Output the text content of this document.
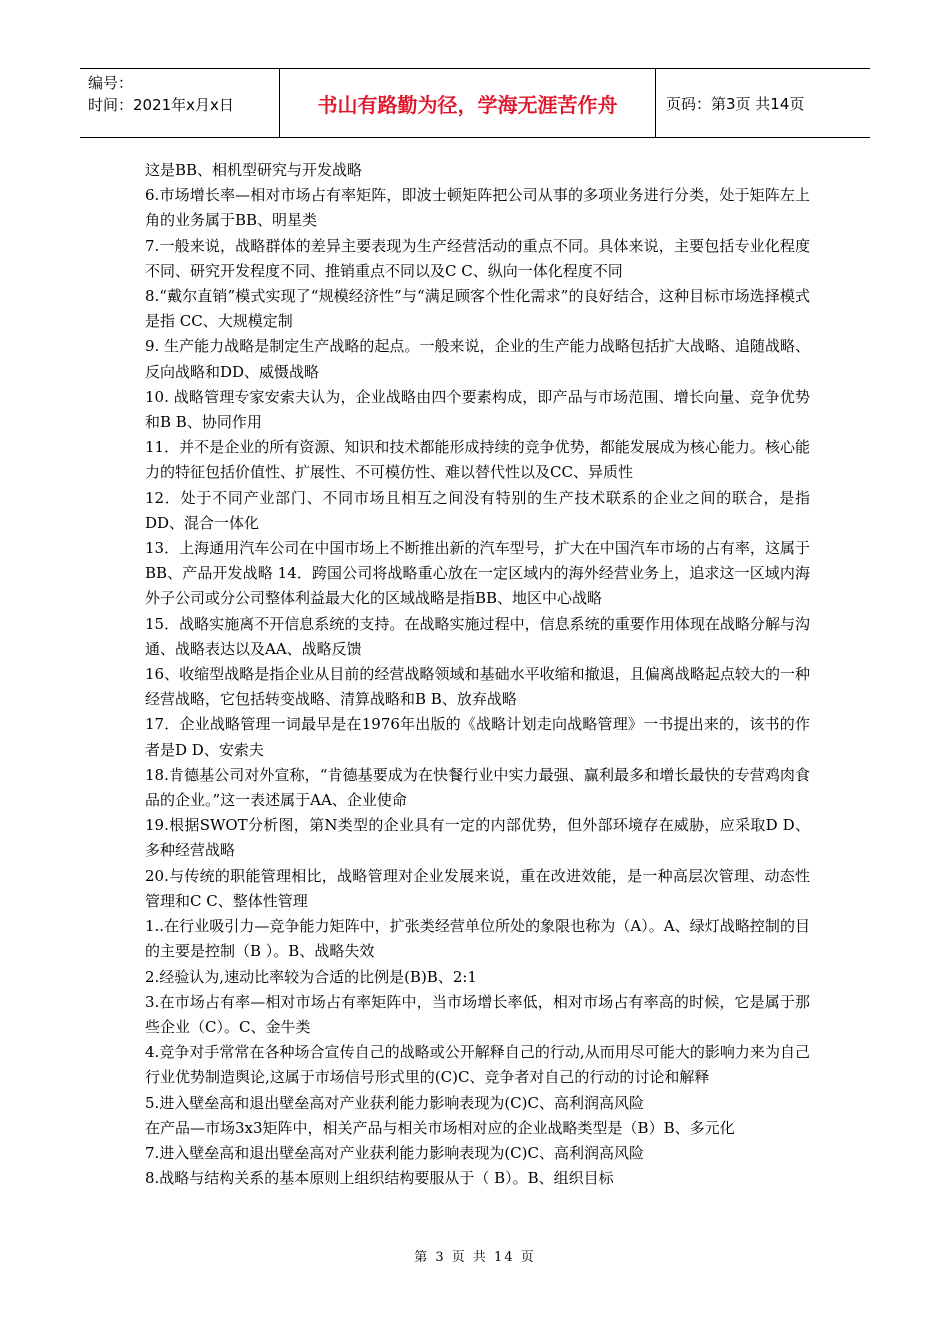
编号：
时间：2021年x月x日	书山有路勤为径，学海无涯苦作舟	页码：第3页 共14页

这是BB、相机型研究与开发战略

6.市场增长率—相对市场占有率矩阵，即波士顿矩阵把公司从事的多项业务进行分类，处于矩阵左上角的业务属于BB、明星类

7.一般来说，战略群体的差异主要表现为生产经营活动的重点不同。具体来说，主要包括专业化程度不同、研究开发程度不同、推销重点不同以及C C、纵向一体化程度不同

8.“戴尔直销”模式实现了“规模经济性”与“满足顾客个性化需求”的良好结合，这种目标市场选择模式是指 CC、大规模定制

9. 生产能力战略是制定生产战略的起点。一般来说，企业的生产能力战略包括扩大战略、追随战略、反向战略和DD、威慑战略

10. 战略管理专家安索夫认为，企业战略由四个要素构成，即产品与市场范围、增长向量、竞争优势和B B、协同作用

11．并不是企业的所有资源、知识和技术都能形成持续的竞争优势，都能发展成为核心能力。核心能力的特征包括价值性、扩展性、不可模仿性、难以替代性以及CC、异质性

12．处于不同产业部门、不同市场且相互之间没有特别的生产技术联系的企业之间的联合，是指DD、混合一体化

13．上海通用汽车公司在中国市场上不断推出新的汽车型号，扩大在中国汽车市场的占有率，这属于BB、产品开发战略 14．跨国公司将战略重心放在一定区域内的海外经营业务上，追求这一区域内海外子公司或分公司整体利益最大化的区域战略是指BB、地区中心战略

15．战略实施离不开信息系统的支持。在战略实施过程中，信息系统的重要作用体现在战略分解与沟通、战略表达以及AA、战略反馈

16、收缩型战略是指企业从目前的经营战略领域和基础水平收缩和撤退，且偏离战略起点较大的一种经营战略，它包括转变战略、清算战略和B B、放弃战略

17．企业战略管理一词最早是在1976年出版的《战略计划走向战略管理》一书提出来的，该书的作者是D D、安索夫

18.肯德基公司对外宣称，“肯德基要成为在快餐行业中实力最强、赢利最多和增长最快的专营鸡肉食品的企业。”这一表述属于AA、企业使命

19.根据SWOT分析图，第N类型的企业具有一定的内部优势，但外部环境存在威胁，应采取D D、多种经营战略

20.与传统的职能管理相比，战略管理对企业发展来说，重在改进效能，是一种高层次管理、动态性管理和C C、整体性管理

1..在行业吸引力—竞争能力矩阵中，扩张类经营单位所处的象限也称为（A）。A、绿灯战略控制的目的主要是控制（B ）。B、战略失效

2.经验认为,速动比率较为合适的比例是(B)B、2:1

3.在市场占有率—相对市场占有率矩阵中，当市场增长率低，相对市场占有率高的时候，它是属于那些企业（C）。C、金牛类

4.竞争对手常常在各种场合宣传自己的战略或公开解释自己的行动,从而用尽可能大的影响力来为自己行业优势制造舆论,这属于市场信号形式里的(C)C、竞争者对自己的行动的讨论和解释

5.进入壁垒高和退出壁垒高对产业获利能力影响表现为(C)C、高利润高风险

在产品—市场3x3矩阵中，相关产品与相关市场相对应的企业战略类型是（B）B、多元化

7.进入壁垒高和退出壁垒高对产业获利能力影响表现为(C)C、高利润高风险

8.战略与结构关系的基本原则上组织结构要服从于（ B）。B、组织目标

第 3 页 共 14 页
